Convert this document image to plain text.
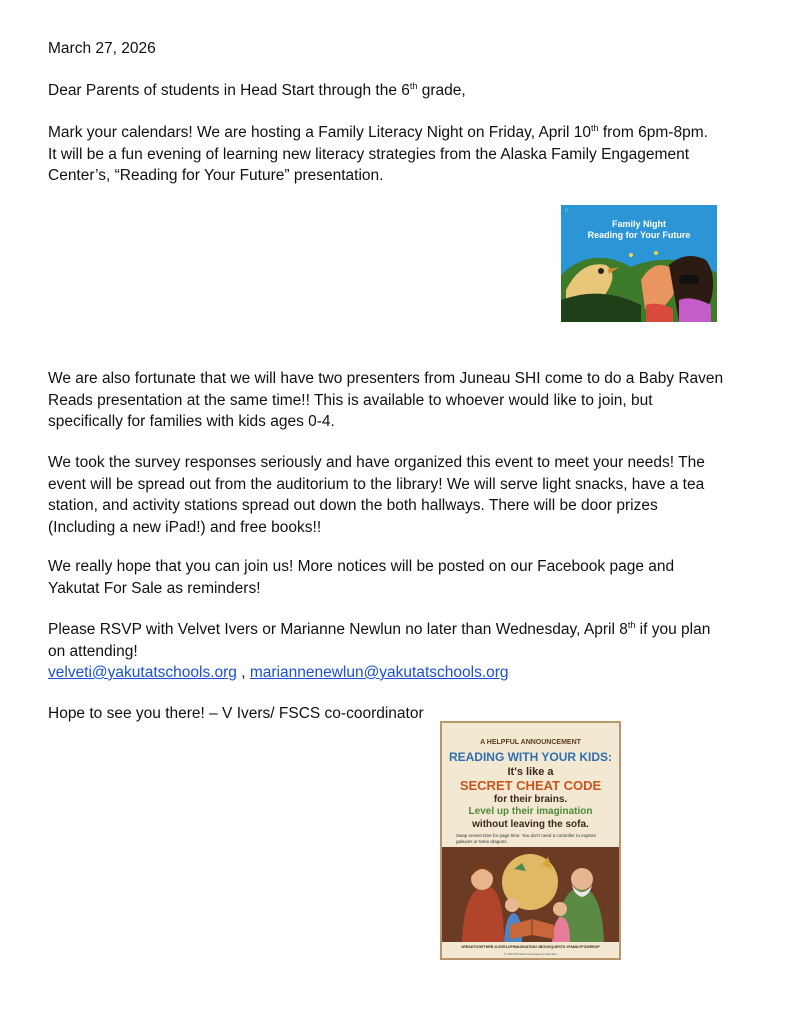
March 27, 2026
Dear Parents of students in Head Start through the 6th grade,

Mark your calendars! We are hosting a Family Literacy Night on Friday, April 10th from 6pm-8pm.

It will be a fun evening of learning new literacy strategies from the Alaska Family Engagement Center’s, “Reading for Your Future” presentation.

◯
Family Night
Reading for Your Future
We are also fortunate that we will have two presenters from Juneau SHI come to do a Baby Raven Reads presentation at the same time!! This is available to whoever would like to join, but specifically for families with kids ages 0-4.
We took the survey responses seriously and have organized this event to meet your needs! The event will be spread out from the auditorium to the library! We will serve light snacks, have a tea station, and activity stations spread out down the both hallways. There will be door prizes (Including a new iPad!) and free books!!
We really hope that you can join us! More notices will be posted on our Facebook page and Yakutat For Sale as reminders!

Please RSVP with Velvet Ivers or Marianne Newlun no later than Wednesday, April 8th if you plan on attending!

velveti@yakutatschools.org , mariannenewlun@yakutatschools.org

Hope to see you there! – V Ivers/ FSCS co-coordinator
A HELPFUL ANNOUNCEMENT
READING WITH YOUR KIDS:
It's like a
SECRET CHEAT CODE
for their brains.
Level up their imagination
without leaving the sofa.
Swap screen time for page time. You don't need a controller to explore galaxies or tame dragons.
#READTOGETHER #LEVELUPIMAGINATION #BOOKQUESTS #FAMILYPOWERUP
© 2024 Printable Powerups for Families
